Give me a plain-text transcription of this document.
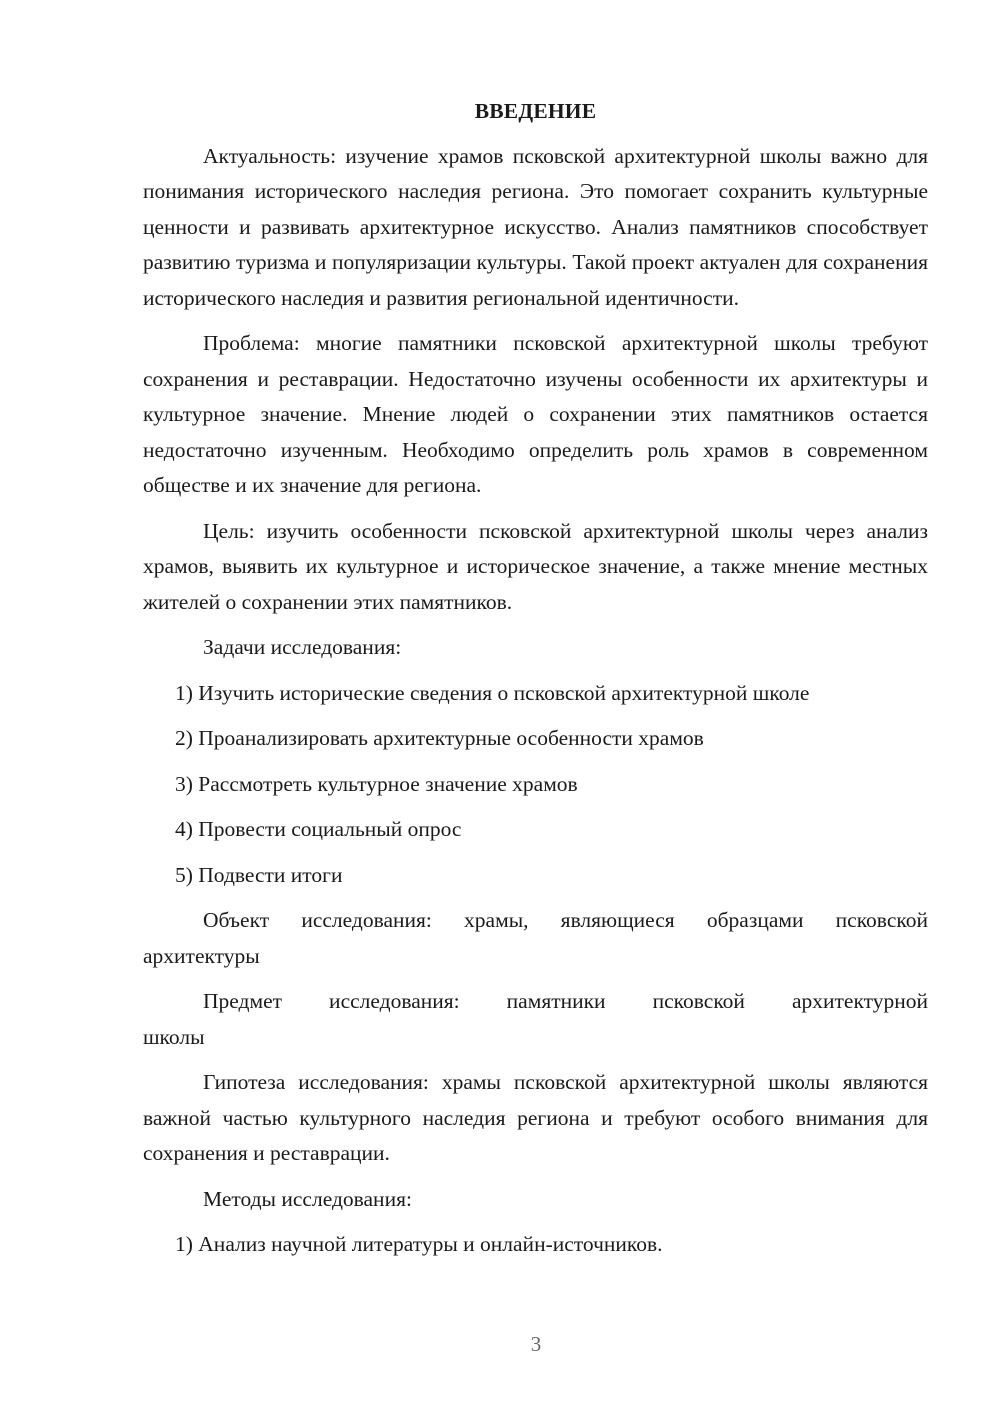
ВВЕДЕНИЕ
Актуальность: изучение храмов псковской архитектурной школы важно для понимания исторического наследия региона. Это помогает сохранить культурные ценности и развивать архитектурное искусство. Анализ памятников способствует развитию туризма и популяризации культуры. Такой проект актуален для сохранения исторического наследия и развития региональной идентичности.
Проблема: многие памятники псковской архитектурной школы требуют сохранения и реставрации. Недостаточно изучены особенности их архитектуры и культурное значение. Мнение людей о сохранении этих памятников остается недостаточно изученным. Необходимо определить роль храмов в современном обществе и их значение для региона.
Цель: изучить особенности псковской архитектурной школы через анализ храмов, выявить их культурное и историческое значение, а также мнение местных жителей о сохранении этих памятников.
Задачи исследования:
1) Изучить исторические сведения о псковской архитектурной школе
2) Проанализировать архитектурные особенности храмов
3) Рассмотреть культурное значение храмов
4) Провести социальный опрос
5) Подвести итоги
Объект исследования: храмы, являющиеся образцами псковской
архитектуры
Предмет исследования: памятники псковской архитектурной
школы
Гипотеза исследования: храмы псковской архитектурной школы являются важной частью культурного наследия региона и требуют особого внимания для сохранения и реставрации.
Методы исследования:
1) Анализ научной литературы и онлайн-источников.
3
